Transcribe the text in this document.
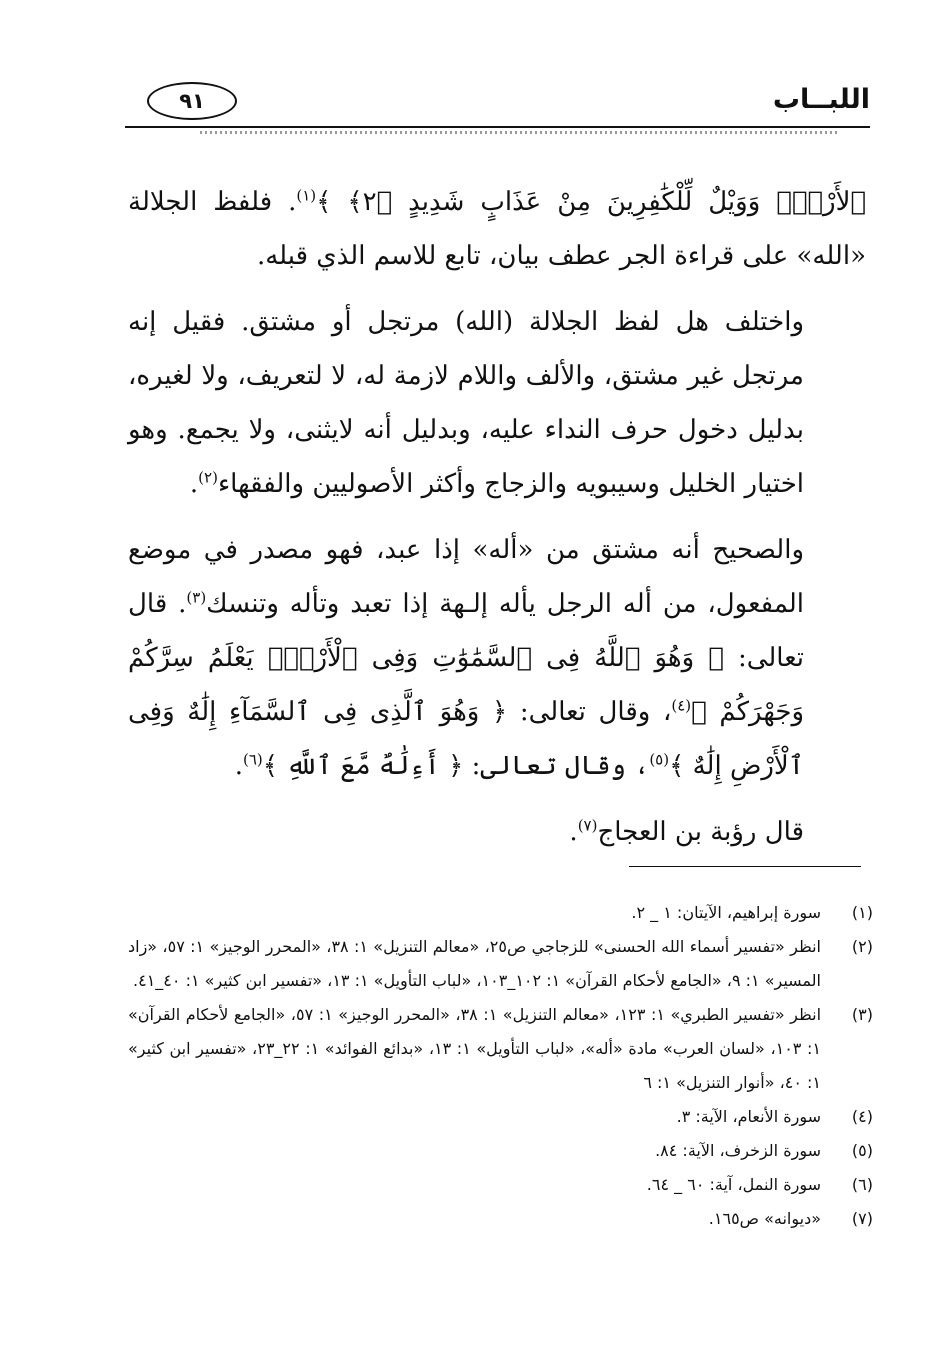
اللبــاب
٩١

ﭐﻷَﺭْﺽِۗ ﻭَﻭَﻳْﻞٌ ﻟِّﻠْﻜَٰﻔِﺮِﻳﻦَ ﻣِﻦْ ﻋَﺬَﺍﺏٍ ﺷَﺪِﻳﺪٍ ﴿٢﴾ ﴾$^{(١)}$. فلفظ الجلالة «الله» على قراءة الجر عطف بيان، تابع للاسم الذي قبله.

واختلف هل لفظ الجلالة (الله) مرتجل أو مشتق. فقيل إنه مرتجل غير مشتق، والألف واللام لازمة له، لا لتعريف، ولا لغيره، بدليل دخول حرف النداء عليه، وبدليل أنه لايثنى، ولا يجمع. وهو اختيار الخليل وسيبويه والزجاج وأكثر الأصوليين والفقهاء$^{(٢)}$.

والصحيح أنه مشتق من «أله» إذا عبد، فهو مصدر في موضع المفعول، من أله الرجل يأله إلـهة إذا تعبد وتأله وتنسك$^{(٣)}$. قال تعالى: ﴿ وَهُوَ ٱللَّهُ فِى ٱلسَّمَٰوَٰتِ وَفِى ٱلْأَرْضِۖ يَعْلَمُ سِرَّكُمْ وَجَهْرَكُمْ ﴾$^{(٤)}$، وقال تعالى: ﴿ وَهُوَ ٱلَّذِى فِى ٱلسَّمَآءِ إِلَٰهٌ وَفِى ٱلْأَرْضِ إِلَٰهٌ ﴾$^{(٥)}$، وقال تعالى: ﴿ أَءِلَٰهٌ مَّعَ ٱللَّهِ ﴾$^{(٦)}$.

قال رؤبة بن العجاج$^{(٧)}$.

(١)
سورة إبراهيم، الآيتان: ١ _ ٢.
(٢)
انظر «تفسير أسماء الله الحسنى» للزجاجي ص٢٥، «معالم التنزيل» ١: ٣٨، «المحرر الوجيز» ١: ٥٧، «زاد المسير» ١: ٩، «الجامع لأحكام القرآن» ١: ١٠٢_١٠٣، «لباب التأويل» ١: ١٣، «تفسير ابن كثير» ١: ٤٠_٤١.
(٣)
انظر «تفسير الطبري» ١: ١٢٣، «معالم التنزيل» ١: ٣٨، «المحرر الوجيز» ١: ٥٧، «الجامع لأحكام القرآن» ١: ١٠٣، «لسان العرب» مادة «أله»، «لباب التأويل» ١: ١٣، «بدائع الفوائد» ١: ٢٢_٢٣، «تفسير ابن كثير» ١: ٤٠، «أنوار التنزيل» ١: ٦
(٤)
سورة الأنعام، الآية: ٣.
(٥)
سورة الزخرف، الآية: ٨٤.
(٦)
سورة النمل، آية: ٦٠ _ ٦٤.
(٧)
«ديوانه» ص١٦٥.
